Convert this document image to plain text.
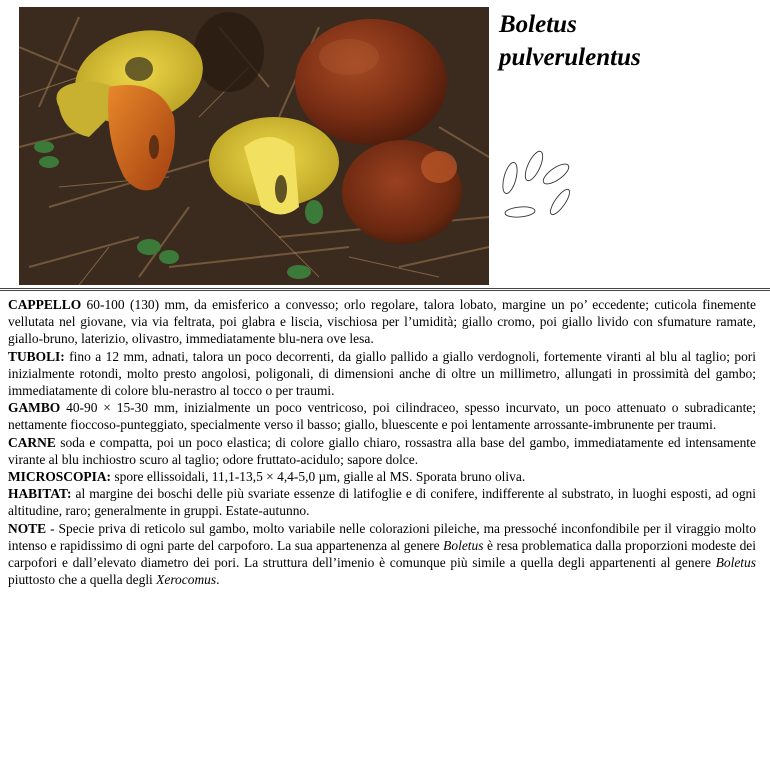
Boletus
pulverulentus

CAPPELLO 60-100 (130) mm, da emisferico a convesso; orlo regolare, talora lobato, margine un po’ eccedente; cuticola finemente vellutata nel giovane, via via feltrata, poi glabra e liscia, vischiosa per l’umidità; giallo cromo, poi giallo livido con sfumature ramate, giallo-bruno, laterizio, olivastro, immediatamente blu-nera ove lesa.

TUBOLI: fino a 12 mm, adnati, talora un poco decorrenti, da giallo pallido a giallo verdognoli, fortemente viranti al blu al taglio; pori inizialmente rotondi, molto presto angolosi, poligonali, di dimensioni anche di oltre un millimetro, allungati in prossimità del gambo; immediatamente di colore blu-nerastro al tocco o per traumi.

GAMBO 40-90 × 15-30 mm, inizialmente un poco ventricoso, poi cilindraceo, spesso incurvato, un poco attenuato o subradicante; nettamente fioccoso-punteggiato, specialmente verso il basso; giallo, bluescente e poi lentamente arrossante-imbrunente per traumi.

CARNE soda e compatta, poi un poco elastica; di colore giallo chiaro, rossastra alla base del gambo, immediatamente ed intensamente virante al blu inchiostro scuro al taglio; odore fruttato-acidulo; sapore dolce.

MICROSCOPIA: spore ellissoidali, 11,1-13,5 × 4,4-5,0 µm, gialle al MS. Sporata bruno oliva.

HABITAT: al margine dei boschi delle più svariate essenze di latifoglie e di conifere, indifferente al substrato, in luoghi esposti, ad ogni altitudine, raro; generalmente in gruppi. Estate-autunno.

NOTE - Specie priva di reticolo sul gambo, molto variabile nelle colorazioni pileiche, ma pressoché inconfondibile per il viraggio molto intenso e rapidissimo di ogni parte del carpoforo. La sua appartenenza al genere Boletus è resa problematica dalla proporzioni modeste dei carpofori e dall’elevato diametro dei pori. La struttura dell’imenio è comunque più simile a quella degli appartenenti al genere Boletus piuttosto che a quella degli Xerocomus.
